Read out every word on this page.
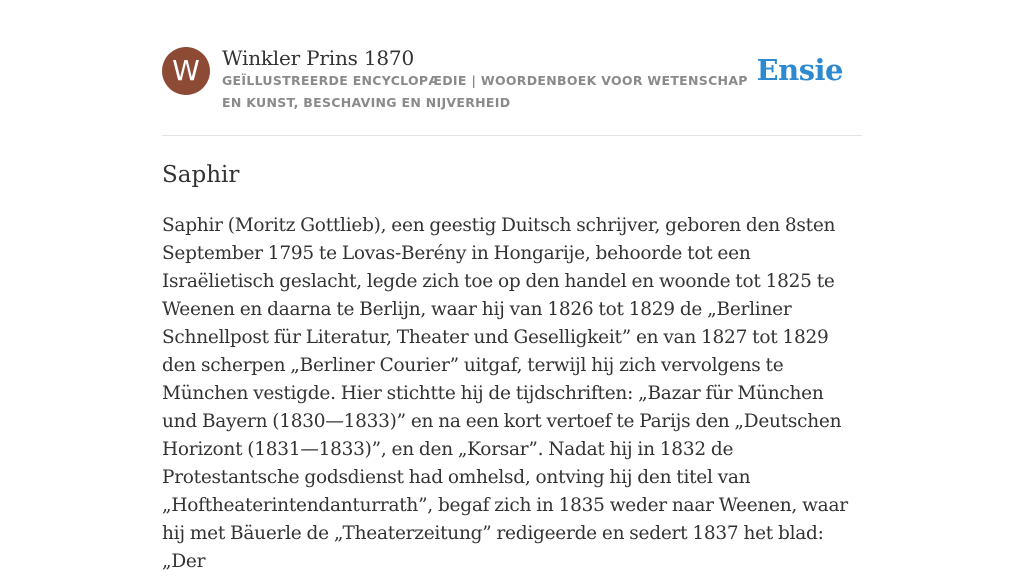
W	Winkler Prins 1870
GEÏLLUSTREERDE ENCYCLOPÆDIE | WOORDENBOEK VOOR WETENSCHAP EN KUNST, BESCHAVING EN NIJVERHEID
Ensie
Saphir

Saphir (Moritz Gottlieb), een geestig Duitsch schrijver, geboren den 8sten September 1795 te Lovas-Berény in Hongarije, behoorde tot een Israëlietisch geslacht, legde zich toe op den handel en woonde tot 1825 te Weenen en daarna te Berlijn, waar hij van 1826 tot 1829 de „Berliner Schnellpost für Literatur, Theater und Geselligkeit” en van 1827 tot 1829 den scherpen „Berliner Courier” uitgaf, terwijl hij zich vervolgens te München vestigde. Hier stichtte hij de tijdschriften: „Bazar für München und Bayern (1830—1833)” en na een kort vertoef te Parijs den „Deutschen Horizont (1831—1833)”, en den „Korsar”. Nadat hij in 1832 de Protestantsche godsdienst had omhelsd, ontving hij den titel van „Hoftheaterintendanturrath”, begaf zich in 1835 weder naar Weenen, waar hij met Bäuerle de „Theaterzeitung” redigeerde en sedert 1837 het blad: „Der
